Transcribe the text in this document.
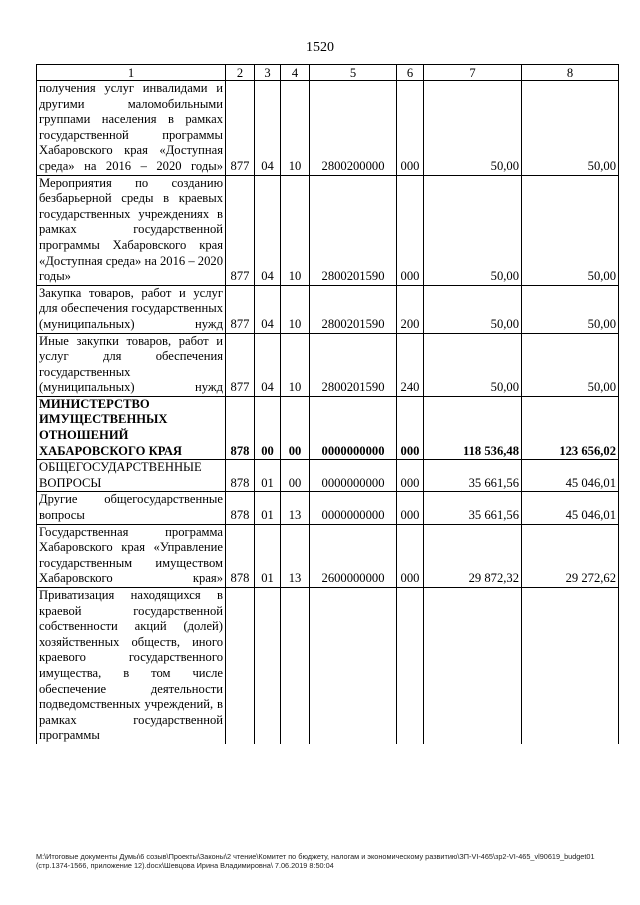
1520
1	2	3	4	5	6	7	8
получения услуг инвалидами и другими маломобильными группами населения в рамках государственной программы Хабаровского края «Доступная среда» на 2016 – 2020 годы»	877	04	10	2800200000	000	50,00	50,00
Мероприятия по созданию безбарьерной среды в краевых государственных учреждениях в рамках государственной программы Хабаровского края «Доступная среда» на 2016 – 2020 годы»	877	04	10	2800201590	000	50,00	50,00
Закупка товаров, работ и услуг для обеспечения государственных (муниципальных) нужд	877	04	10	2800201590	200	50,00	50,00
Иные закупки товаров, работ и услуг для обеспечения государственных (муниципальных) нужд	877	04	10	2800201590	240	50,00	50,00
МИНИСТЕРСТВО ИМУЩЕСТВЕННЫХ ОТНОШЕНИЙ ХАБАРОВСКОГО КРАЯ	878	00	00	0000000000	000	118 536,48	123 656,02
ОБЩЕГОСУДАРСТВЕННЫЕ ВОПРОСЫ	878	01	00	0000000000	000	35 661,56	45 046,01
Другие общегосударственные вопросы	878	01	13	0000000000	000	35 661,56	45 046,01
Государственная программа Хабаровского края «Управление государственным имуществом Хабаровского края»	878	01	13	2600000000	000	29 872,32	29 272,62
Приватизация находящихся в краевой государственной собственности акций (долей) хозяйственных обществ, иного краевого государственного имущества, в том числе обеспечение деятельности подведомственных учреждений, в рамках государственной программы							
М:\Итоговые документы Думы\6 созыв\Проекты\Законы\2 чтение\Комитет по бюджету, налогам и экономическому развитию\ЗП-VI-465\зр2-VI-465_vl90619_budget01 (стр.1374-1566, приложение 12).docx\Шевцова Ирина Владимировна\ 7.06.2019 8:50:04
